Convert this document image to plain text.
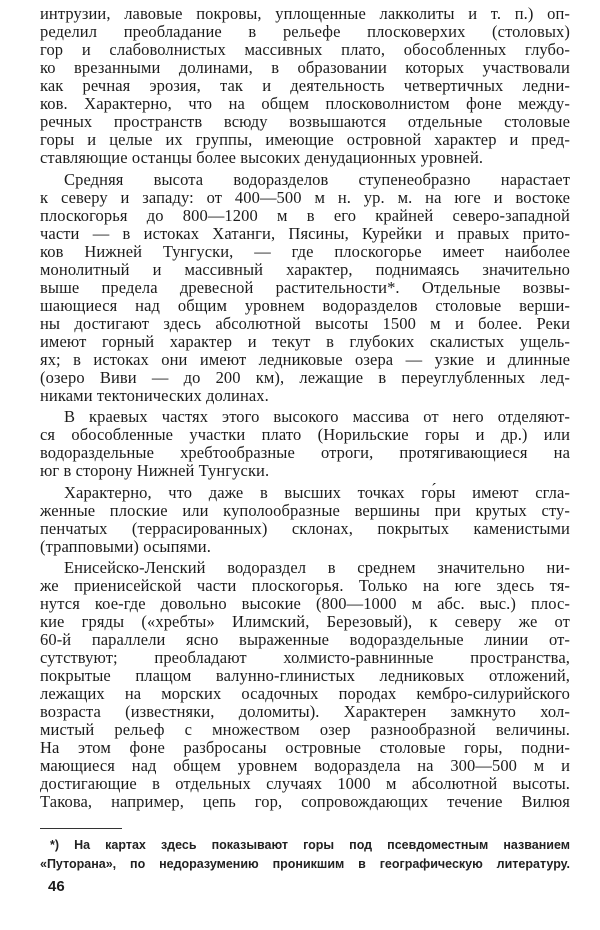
интрузии, лавовые покровы, уплощенные лакколиты и т. п.) оп-
ределил преобладание в рельефе плосковерхих (столовых)
гор и слабоволнистых массивных плато, обособленных глубо-
ко врезанными долинами, в образовании которых участвовали
как речная эрозия, так и деятельность четвертичных ледни-
ков. Характерно, что на общем плосковолнистом фоне между-
речных пространств всюду возвышаются отдельные столовые
горы и целые их группы, имеющие островной характер и пред-
ставляющие останцы более высоких денудационных уровней.
Средняя высота водоразделов ступенеобразно нарастает
к северу и западу: от 400—500 м н. ур. м. на юге и востоке
плоскогорья до 800—1200 м в его крайней северо-западной
части — в истоках Хатанги, Пясины, Курейки и правых прито-
ков Нижней Тунгуски, — где плоскогорье имеет наиболее
монолитный и массивный характер, поднимаясь значительно
выше предела древесной растительности*. Отдельные возвы-
шающиеся над общим уровнем водоразделов столовые верши-
ны достигают здесь абсолютной высоты 1500 м и более. Реки
имеют горный характер и текут в глубоких скалистых ущель-
ях; в истоках они имеют ледниковые озера — узкие и длинные
(озеро Виви — до 200 км), лежащие в переуглубленных лед-
никами тектонических долинах.
В краевых частях этого высокого массива от него отделяют-
ся обособленные участки плато (Норильские горы и др.) или
водораздельные хребтообразные отроги, протягивающиеся на
юг в сторону Нижней Тунгуски.
Характерно, что даже в высших точках го́ры имеют сгла-
женные плоские или куполообразные вершины при крутых сту-
пенчатых (террасированных) склонах, покрытых каменистыми
(трапповыми) осыпями.
Енисейско-Ленский водораздел в среднем значительно ни-
же приенисейской части плоскогорья. Только на юге здесь тя-
нутся кое-где довольно высокие (800—1000 м абс. выс.) плос-
кие гряды («хребты» Илимский, Березовый), к северу же от
60-й параллели ясно выраженные водораздельные линии от-
сутствуют; преобладают холмисто-равнинные пространства,
покрытые плащом валунно-глинистых ледниковых отложений,
лежащих на морских осадочных породах кембро-силурийского
возраста (известняки, доломиты). Характерен замкнуто хол-
мистый рельеф с множеством озер разнообразной величины.
На этом фоне разбросаны островные столовые горы, подни-
мающиеся над общем уровнем водораздела на 300—500 м и
достигающие в отдельных случаях 1000 м абсолютной высоты.
Такова, например, цепь гор, сопровождающих течение Вилюя
*) На картах здесь показывают горы под псевдоместным названием
«Путорана», по недоразумению проникшим в географическую литературу.
46
